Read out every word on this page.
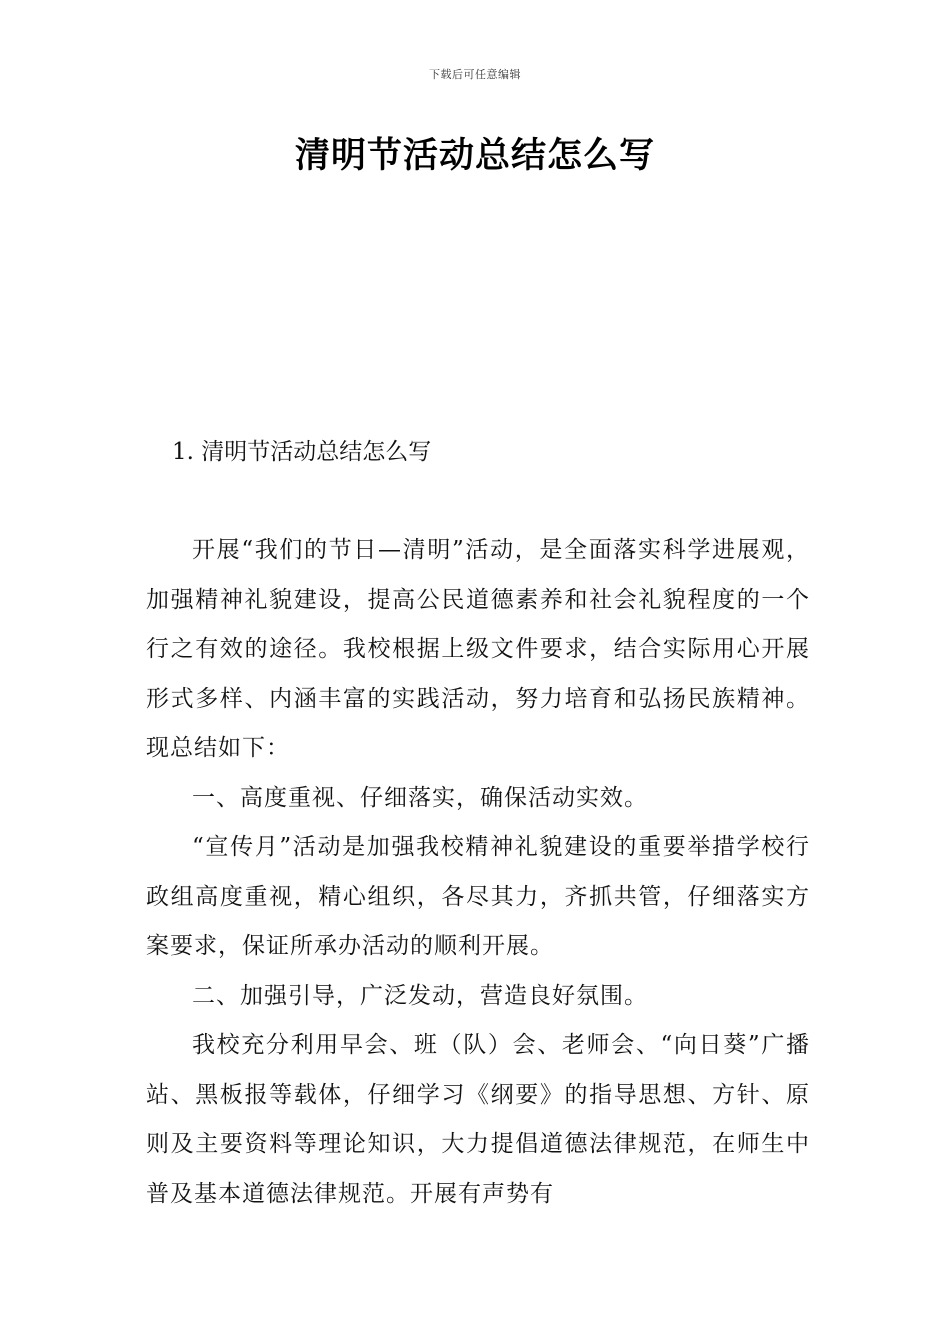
下载后可任意编辑
清明节活动总结怎么写
1. 清明节活动总结怎么写

开展“我们的节日—清明”活动，是全面落实科学进展观，加强精神礼貌建设，提高公民道德素养和社会礼貌程度的一个行之有效的途径。我校根据上级文件要求，结合实际用心开展形式多样、内涵丰富的实践活动，努力培育和弘扬民族精神。现总结如下：

一、高度重视、仔细落实，确保活动实效。

“宣传月”活动是加强我校精神礼貌建设的重要举措学校行政组高度重视，精心组织，各尽其力，齐抓共管，仔细落实方案要求，保证所承办活动的顺利开展。

二、加强引导，广泛发动，营造良好氛围。

我校充分利用早会、班（队）会、老师会、“向日葵”广播站、黑板报等载体，仔细学习《纲要》的指导思想、方针、原则及主要资料等理论知识，大力提倡道德法律规范，在师生中普及基本道德法律规范。开展有声势有
